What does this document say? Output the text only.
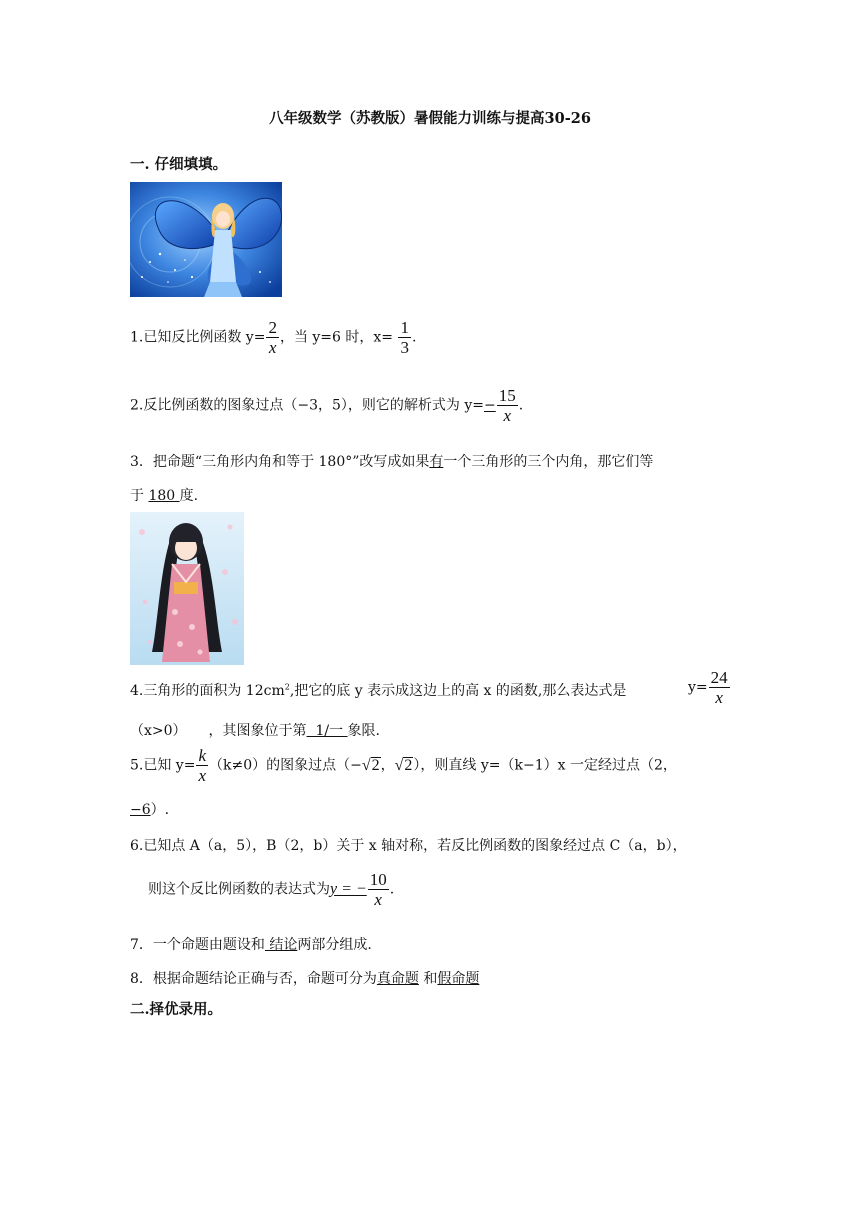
八年级数学（苏教版）暑假能力训练与提高30-26
一. 仔细填填。
1.已知反比例函数 $y= \frac{2}{x}$ ，当 y=6 时，$x= \frac{1}{3}$ .
2.反比例函数的图象过点（−3，5），则它的解析式为 $y=- \frac{15}{x}$ .
3．把命题“三角形内角和等于 180°”改写成如果有一个三角形的三个内角，那它们等
于 180 度.
4.三角形的面积为 $12cm^2$,把它的底 y 表示成这边上的高 x 的函数,那么表达式是	$y= \frac{24}{x}$
（x>0） ，其图象位于第  1/一 象限.
5.已知 $y= \frac{k}{x} (k\ne 0)$的图象过点（−√2，√2），则直线 y=（k−1）x 一定经过点（2，
−6）.
6.已知点 A（a，5），B（2，b）关于 x 轴对称，若反比例函数的图象经过点 C（a，b），
则这个反比例函数的表达式为y = − $\frac{10}{x}$ .
7．一个命题由题设和 结论两部分组成.
8．根据命题结论正确与否，命题可分为真命题 和假命题
二.择优录用。
